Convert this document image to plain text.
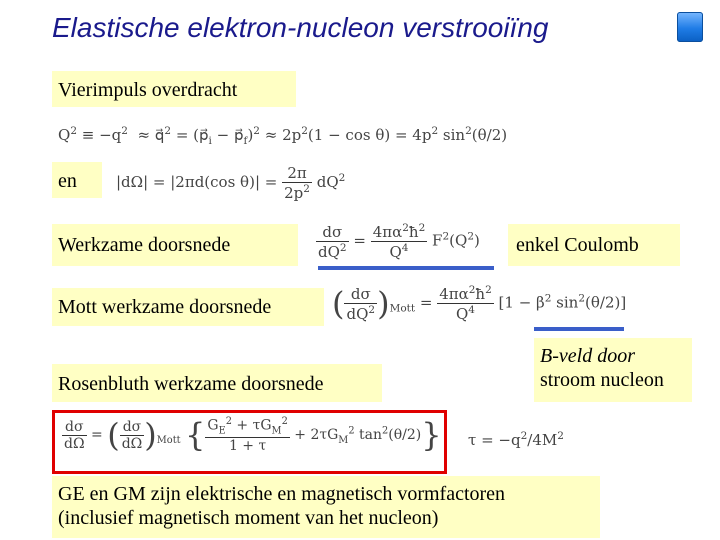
Elastische elektron-nucleon verstrooiïng
Vierimpuls overdracht
$Q^2 \equiv -q^2$  ≈ q⃗$^2$ = ($p⃗_i$ − $p⃗_f)^2 \approx 2p^2(1 - \cos \theta) = 4p^2$ $\sin^2(\theta/2)$
en	|dΩ| = |2πd(cos $\theta)| = \frac{2\pi}{2p^2} dQ^2$
Werkzame doorsnede	$\frac{d\sigma}{dQ^2} = \frac{4\pi\alpha^2ħ^2}{Q^4} F^2(Q^2)$	enkel Coulomb
Mott werkzame doorsnede	( $\frac{d\sigma}{dQ^2} )_{Mott} = \frac{4\pi\alpha^2ħ^2}{Q^4} [1 - \beta^2$ $\sin^2(\theta/2)$]
B-veld door
stroom nucleon
Rosenbluth werkzame doorsnede
$\frac{d\sigma}{d\Omega}$ = ( $\frac{d\sigma}{d\Omega} )_{Mott}$ { $\frac{G_E^2 + \tau G_M^2}{1 + \tau} + 2\tau G_M^2$ $\tan^2(\theta/2)$} $\tau = -q^2/4M^2$
GE en GM zijn elektrische en magnetisch vormfactoren
(inclusief magnetisch moment van het nucleon)
